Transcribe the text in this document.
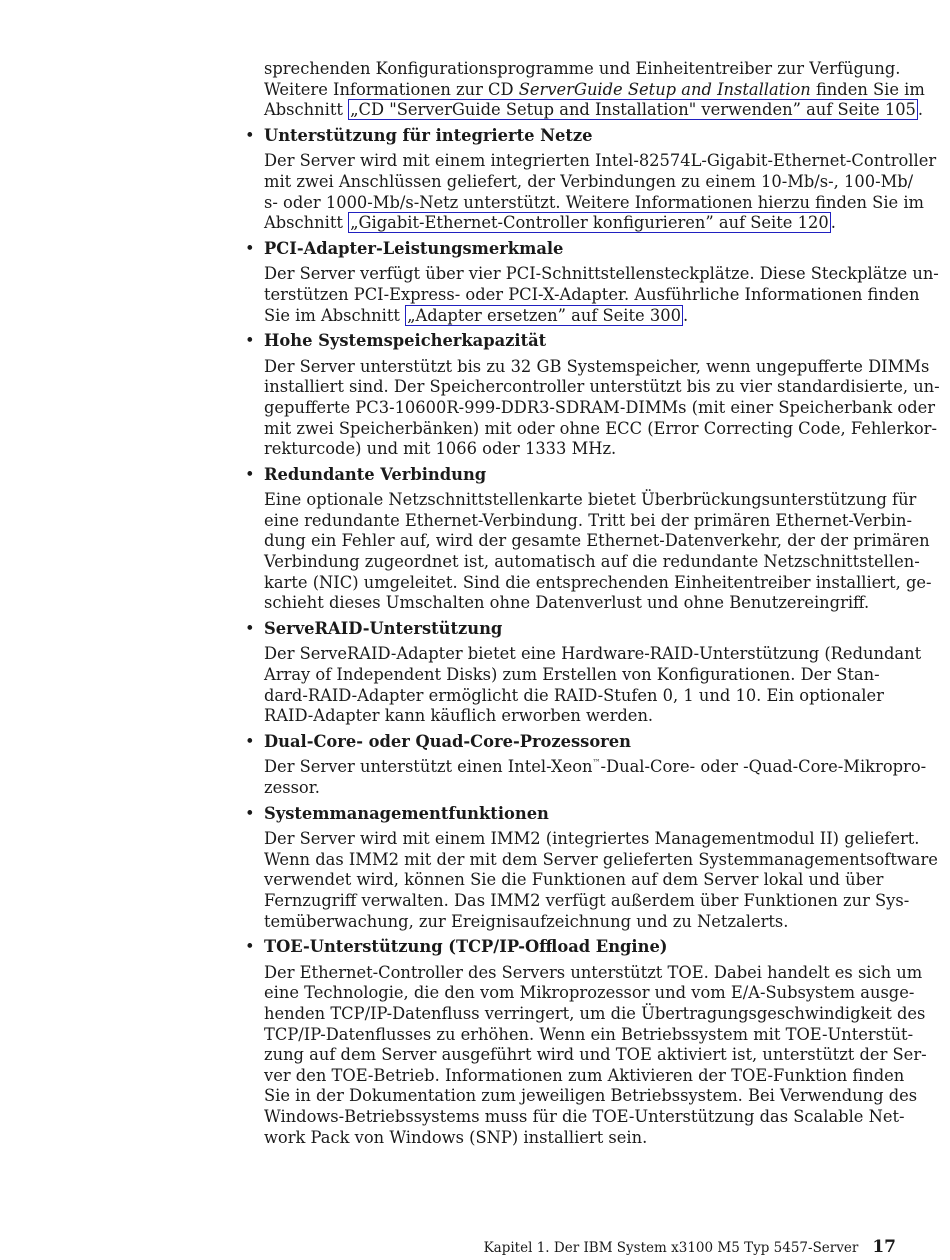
sprechenden Konfigurationsprogramme und Einheitentreiber zur Verfügung.
Weitere Informationen zur CD ServerGuide Setup and Installation finden Sie im
Abschnitt „CD "ServerGuide Setup and Installation" verwenden” auf Seite 105 .
• Unterstützung für integrierte Netze
Der Server wird mit einem integrierten Intel-82574L-Gigabit-Ethernet-Controller
mit zwei Anschlüssen geliefert, der Verbindungen zu einem 10-Mb/s-, 100-Mb/
s- oder 1000-Mb/s-Netz unterstützt. Weitere Informationen hierzu finden Sie im
Abschnitt „Gigabit-Ethernet-Controller konfigurieren” auf Seite 120 .
• PCI-Adapter-Leistungsmerkmale
Der Server verfügt über vier PCI-Schnittstellensteckplätze. Diese Steckplätze un-
terstützen PCI-Express- oder PCI-X-Adapter. Ausführliche Informationen finden
Sie im Abschnitt „Adapter ersetzen” auf Seite 300 .
• Hohe Systemspeicherkapazität
Der Server unterstützt bis zu 32 GB Systemspeicher, wenn ungepufferte DIMMs
installiert sind. Der Speichercontroller unterstützt bis zu vier standardisierte, un-
gepufferte PC3-10600R-999-DDR3-SDRAM-DIMMs (mit einer Speicherbank oder
mit zwei Speicherbänken) mit oder ohne ECC (Error Correcting Code, Fehlerkor-
rekturcode) und mit 1066 oder 1333 MHz.
• Redundante Verbindung
Eine optionale Netzschnittstellenkarte bietet Überbrückungsunterstützung für
eine redundante Ethernet-Verbindung. Tritt bei der primären Ethernet-Verbin-
dung ein Fehler auf, wird der gesamte Ethernet-Datenverkehr, der der primären
Verbindung zugeordnet ist, automatisch auf die redundante Netzschnittstellen-
karte (NIC) umgeleitet. Sind die entsprechenden Einheitentreiber installiert, ge-
schieht dieses Umschalten ohne Datenverlust und ohne Benutzereingriff.
• ServeRAID-Unterstützung
Der ServeRAID-Adapter bietet eine Hardware-RAID-Unterstützung (Redundant
Array of Independent Disks) zum Erstellen von Konfigurationen. Der Stan-
dard-RAID-Adapter ermöglicht die RAID-Stufen 0, 1 und 10. Ein optionaler
RAID-Adapter kann käuflich erworben werden.
• Dual-Core- oder Quad-Core-Prozessoren
Der Server unterstützt einen Intel-Xeon™-Dual-Core- oder -Quad-Core-Mikropro-
zessor.
• Systemmanagementfunktionen
Der Server wird mit einem IMM2 (integriertes Managementmodul II) geliefert.
Wenn das IMM2 mit der mit dem Server gelieferten Systemmanagementsoftware
verwendet wird, können Sie die Funktionen auf dem Server lokal und über
Fernzugriff verwalten. Das IMM2 verfügt außerdem über Funktionen zur Sys-
temüberwachung, zur Ereignisaufzeichnung und zu Netzalerts.
• TOE-Unterstützung (TCP/IP-Offload Engine)
Der Ethernet-Controller des Servers unterstützt TOE. Dabei handelt es sich um
eine Technologie, die den vom Mikroprozessor und vom E/A-Subsystem ausge-
henden TCP/IP-Datenfluss verringert, um die Übertragungsgeschwindigkeit des
TCP/IP-Datenflusses zu erhöhen. Wenn ein Betriebssystem mit TOE-Unterstüt-
zung auf dem Server ausgeführt wird und TOE aktiviert ist, unterstützt der Ser-
ver den TOE-Betrieb. Informationen zum Aktivieren der TOE-Funktion finden
Sie in der Dokumentation zum jeweiligen Betriebssystem. Bei Verwendung des
Windows-Betriebssystems muss für die TOE-Unterstützung das Scalable Net-
work Pack von Windows (SNP) installiert sein.
Kapitel 1. Der IBM System x3100 M5 Typ 5457-Server 17
